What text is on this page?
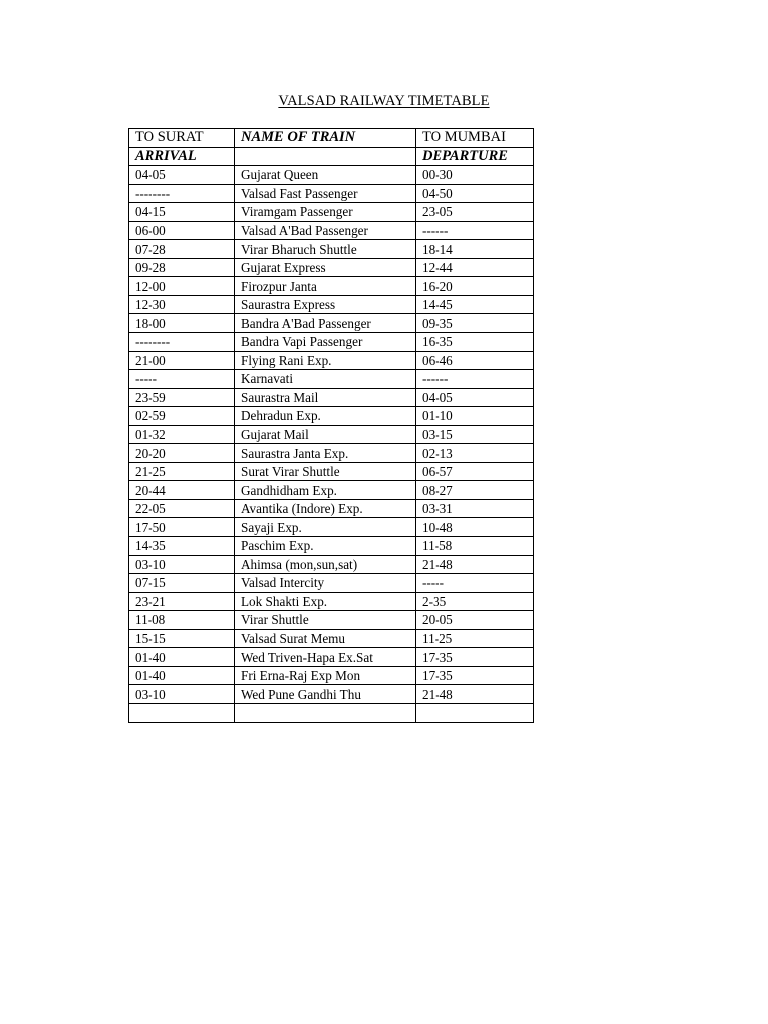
VALSAD RAILWAY TIMETABLE
TO SURAT	NAME OF TRAIN	TO MUMBAI
ARRIVAL		DEPARTURE
04-05	Gujarat Queen	00-30
--------	Valsad Fast Passenger	04-50
04-15	Viramgam Passenger	23-05
06-00	Valsad A'Bad Passenger	------
07-28	Virar Bharuch Shuttle	18-14
09-28	Gujarat Express	12-44
12-00	Firozpur Janta	16-20
12-30	Saurastra Express	14-45
18-00	Bandra A'Bad Passenger	09-35
--------	Bandra Vapi Passenger	16-35
21-00	Flying Rani Exp.	06-46
-----	Karnavati	------
23-59	Saurastra Mail	04-05
02-59	Dehradun Exp.	01-10
01-32	Gujarat Mail	03-15
20-20	Saurastra Janta Exp.	02-13
21-25	Surat Virar Shuttle	06-57
20-44	Gandhidham Exp.	08-27
22-05	Avantika (Indore) Exp.	03-31
17-50	Sayaji Exp.	10-48
14-35	Paschim Exp.	11-58
03-10	Ahimsa (mon,sun,sat)	21-48
07-15	Valsad Intercity	-----
23-21	Lok Shakti Exp.	2-35
11-08	Virar Shuttle	20-05
15-15	Valsad Surat Memu	11-25
01-40	Wed Triven-Hapa Ex.Sat	17-35
01-40	Fri Erna-Raj Exp Mon	17-35
03-10	Wed Pune Gandhi Thu	21-48
